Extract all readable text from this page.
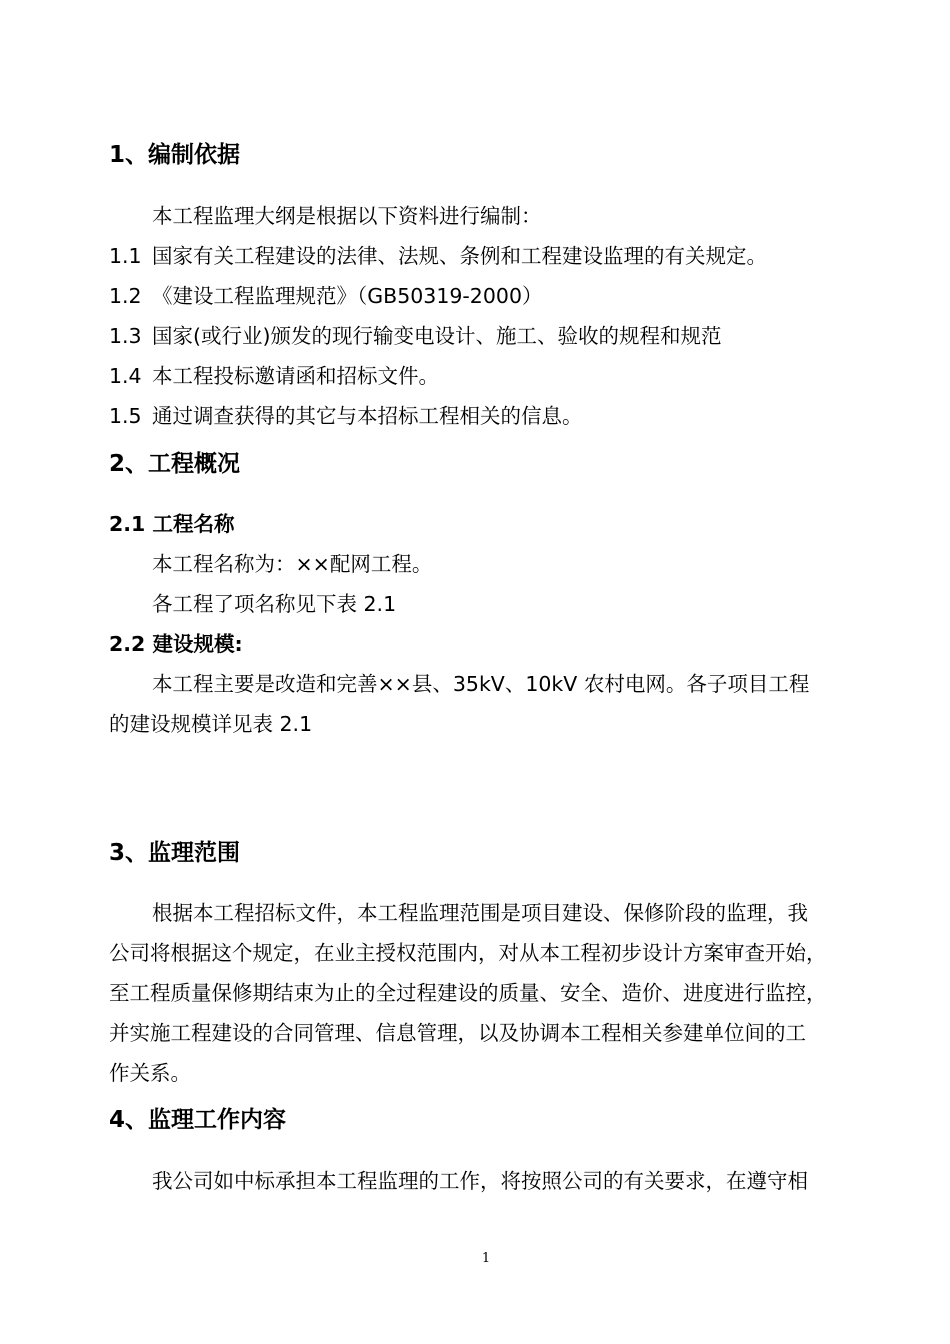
1、编制依据
本工程监理大纲是根据以下资料进行编制：
1.1 国家有关工程建设的法律、法规、条例和工程建设监理的有关规定。
1.2 《建设工程监理规范》（GB50319-2000）
1.3 国家(或行业)颁发的现行输变电设计、施工、验收的规程和规范
1.4 本工程投标邀请函和招标文件。
1.5 通过调查获得的其它与本招标工程相关的信息。
2、工程概况
2.1 工程名称
本工程名称为：××配网工程。
各工程了项名称见下表 2.1
2.2 建设规模:
本工程主要是改造和完善××县、35kV、10kV 农村电网。各子项目工程
的建设规模详见表 2.1
3、监理范围
根据本工程招标文件，本工程监理范围是项目建设、保修阶段的监理，我
公司将根据这个规定，在业主授权范围内，对从本工程初步设计方案审查开始，
至工程质量保修期结束为止的全过程建设的质量、安全、造价、进度进行监控，
并实施工程建设的合同管理、信息管理，以及协调本工程相关参建单位间的工
作关系。
4、监理工作内容
我公司如中标承担本工程监理的工作，将按照公司的有关要求，在遵守相
1
